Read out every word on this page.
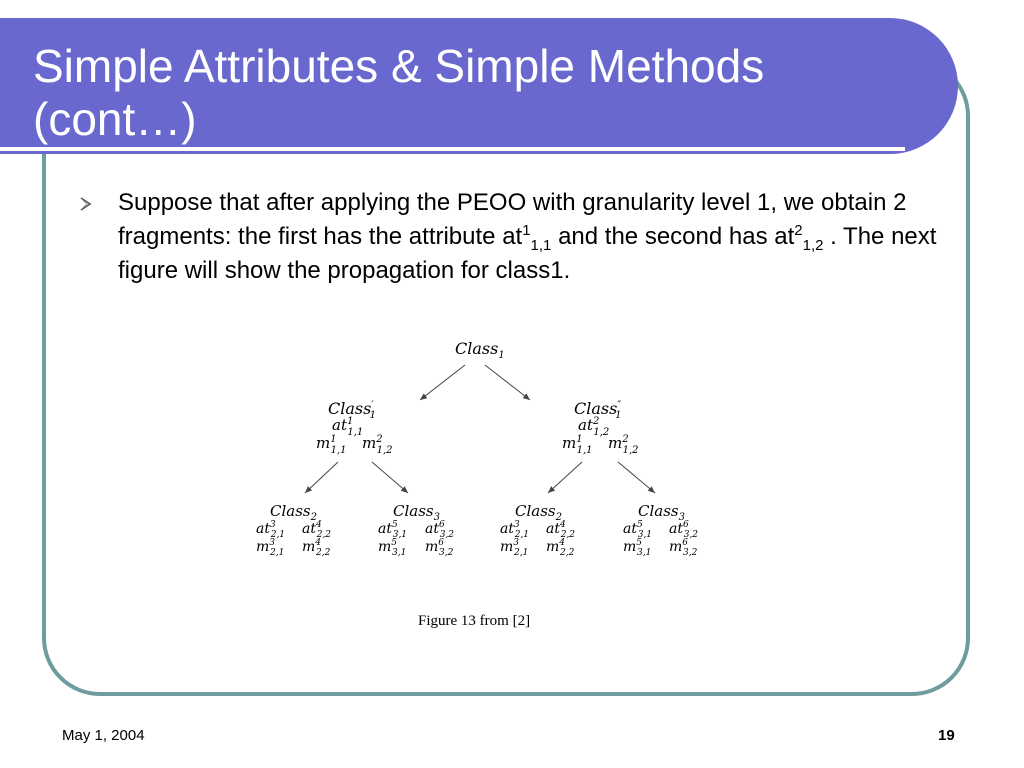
Simple Attributes & Simple Methods
(cont…)

Suppose that after applying the PEOO with granularity level 1, we obtain 2 fragments: the first has the attribute $at^1_{1,1}$ and the second has $at^2_{1,2}$ . The next figure will show the propagation for class1.

Class$_1$
Class′ 1
$at^1$ 1,1
$m^1$ 1,1 $m^2$ 1,2
Class″ 1
$at^2$ 1,2
$m^1$ 1,1 $m^2$ 1,2
Class$_2$
$at^3$ 2,1 $at^4$ 2,2
$m^3$ 2,1 $m^4$ 2,2
Class$_3$
$at^5$ 3,1 $at^6$ 3,2
$m^5$ 3,1 $m^6$ 3,2
Class$_2$
$at^3$ 2,1 $at^4$ 2,2
$m^3$ 2,1 $m^4$ 2,2
Class$_3$
$at^5$ 3,1 $at^6$ 3,2
$m^5$ 3,1 $m^6$ 3,2
Figure 13 from [2]
May 1, 2004	19
